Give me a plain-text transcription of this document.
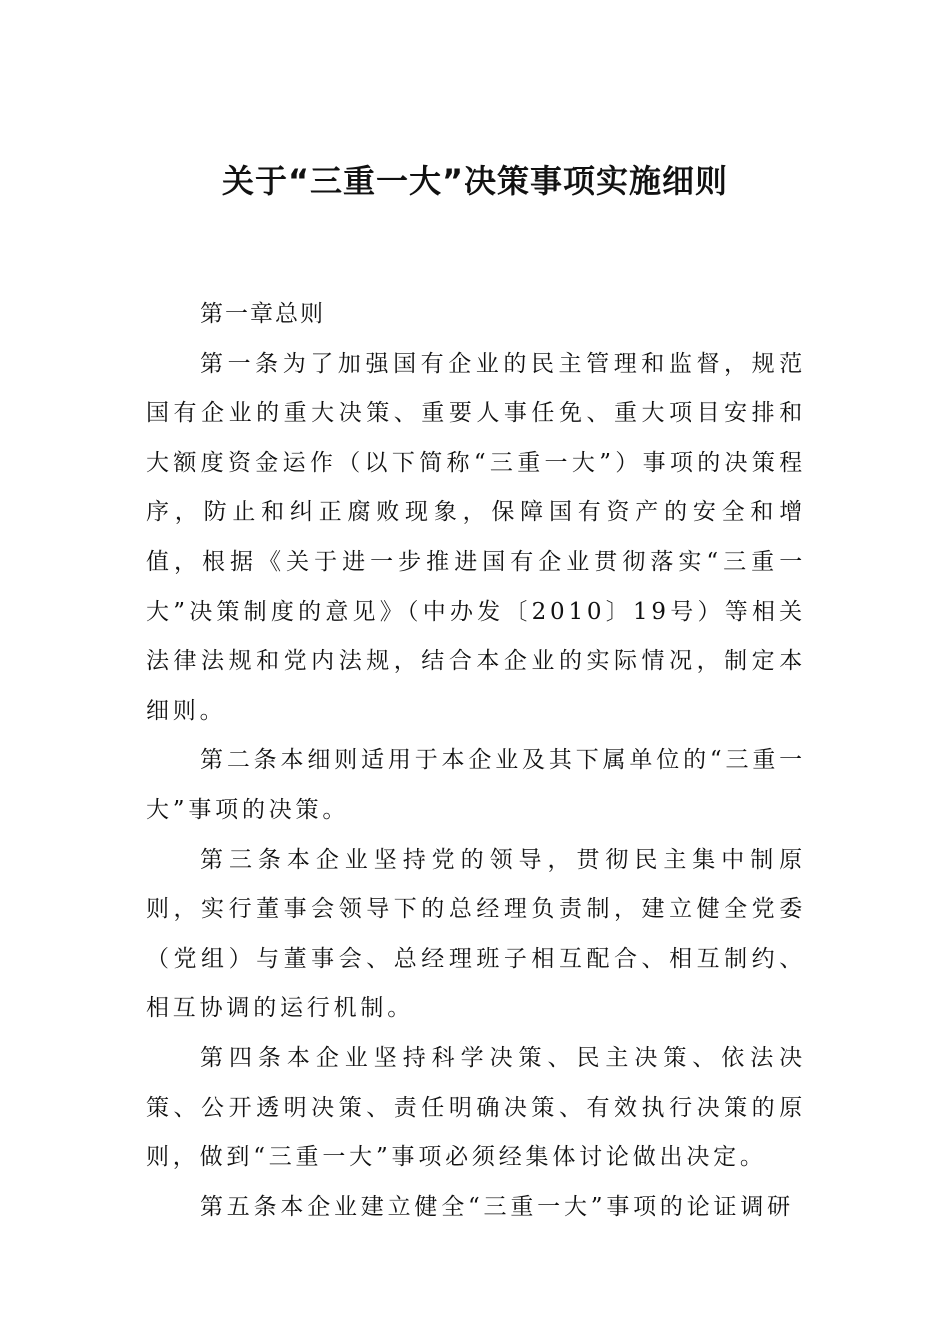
关于“三重一大”决策事项实施细则

第一章总则

第一条为了加强国有企业的民主管理和监督，规范国有企业的重大决策、重要人事任免、重大项目安排和大额度资金运作（以下简称“三重一大”）事项的决策程序，防止和纠正腐败现象，保障国有资产的安全和增值，根据《关于进一步推进国有企业贯彻落实“三重一大”决策制度的意见》（中办发〔2010〕19号）等相关法律法规和党内法规，结合本企业的实际情况，制定本细则。

第二条本细则适用于本企业及其下属单位的“三重一大”事项的决策。

第三条本企业坚持党的领导，贯彻民主集中制原则，实行董事会领导下的总经理负责制，建立健全党委（党组）与董事会、总经理班子相互配合、相互制约、相互协调的运行机制。

第四条本企业坚持科学决策、民主决策、依法决策、公开透明决策、责任明确决策、有效执行决策的原则，做到“三重一大”事项必须经集体讨论做出决定。

第五条本企业建立健全“三重一大”事项的论证调研
